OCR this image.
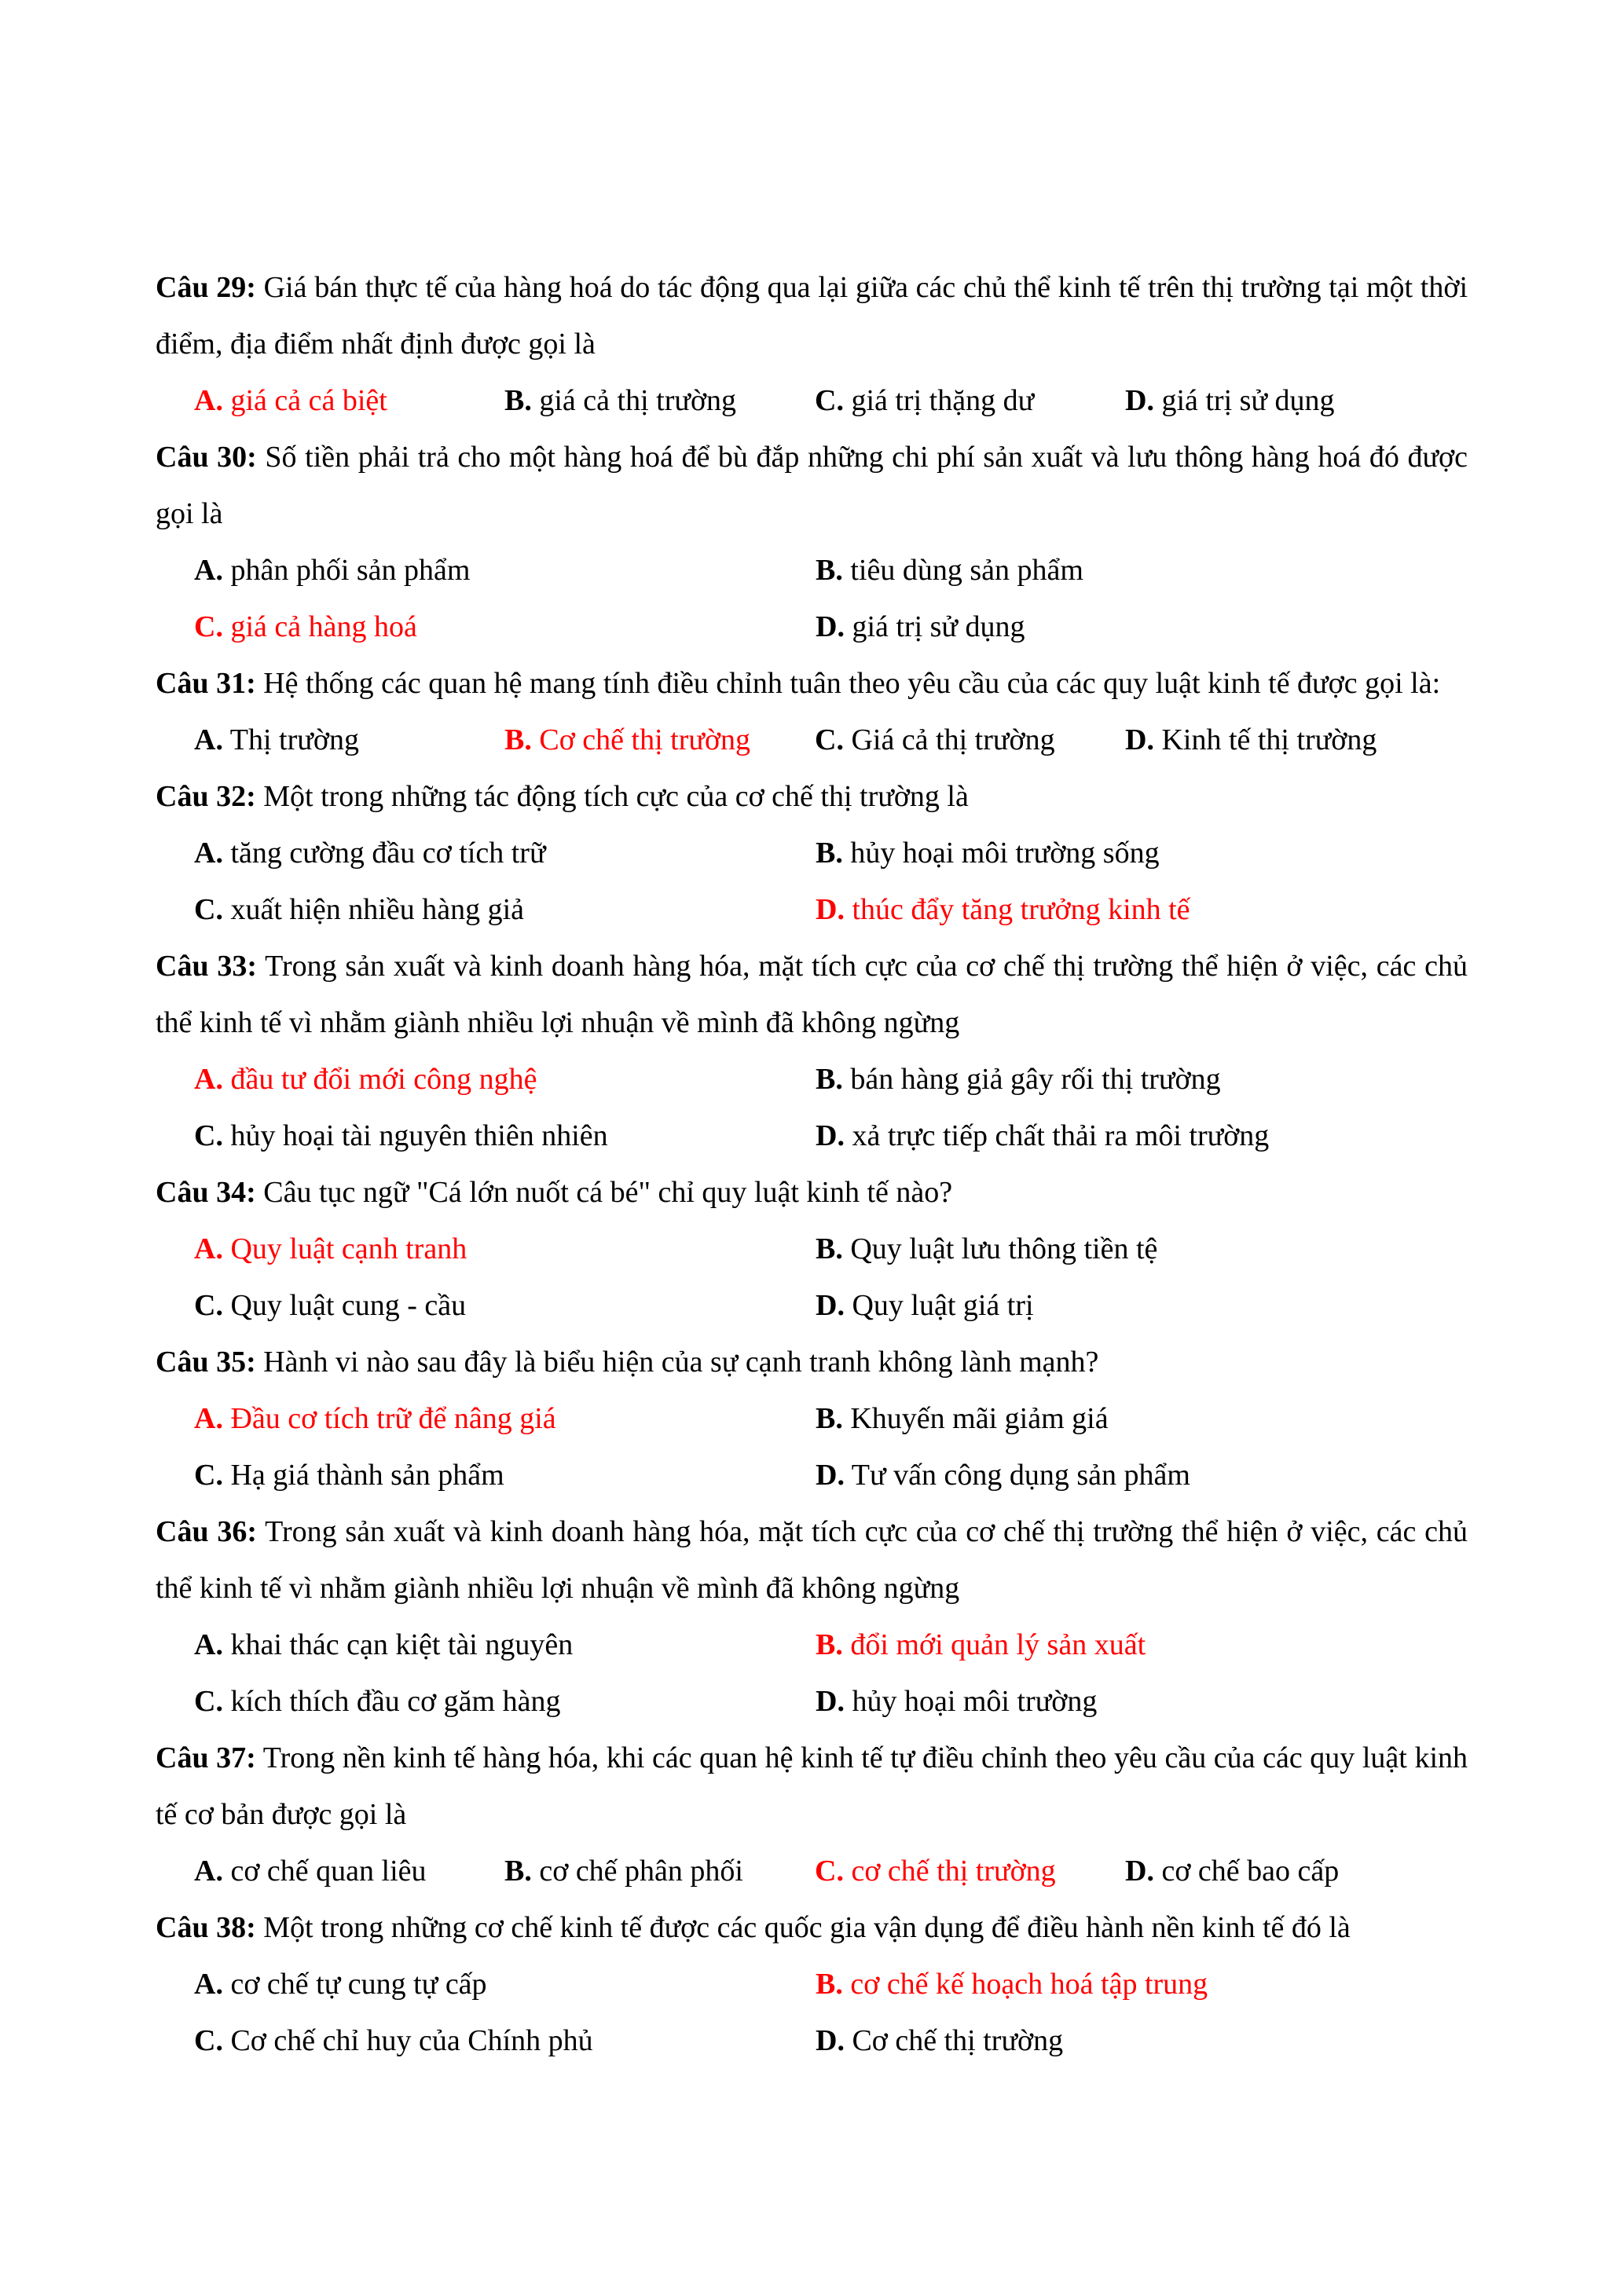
Câu 29: Giá bán thực tế của hàng hoá do tác động qua lại giữa các chủ thể kinh tế trên thị trường tại một thời điểm, địa điểm nhất định được gọi là

A. giá cả cá biệt	B. giá cả thị trường	C. giá trị thặng dư	D. giá trị sử dụng

Câu 30: Số tiền phải trả cho một hàng hoá để bù đắp những chi phí sản xuất và lưu thông hàng hoá đó được gọi là

A. phân phối sản phẩm	B. tiêu dùng sản phẩm
C. giá cả hàng hoá	D. giá trị sử dụng

Câu 31: Hệ thống các quan hệ mang tính điều chỉnh tuân theo yêu cầu của các quy luật kinh tế được gọi là:

A. Thị trường	B. Cơ chế thị trường	C. Giá cả thị trường	D. Kinh tế thị trường

Câu 32: Một trong những tác động tích cực của cơ chế thị trường là

A. tăng cường đầu cơ tích trữ	B. hủy hoại môi trường sống
C. xuất hiện nhiều hàng giả	D. thúc đẩy tăng trưởng kinh tế

Câu 33: Trong sản xuất và kinh doanh hàng hóa, mặt tích cực của cơ chế thị trường thể hiện ở việc, các chủ thể kinh tế vì nhằm giành nhiều lợi nhuận về mình đã không ngừng

A. đầu tư đổi mới công nghệ	B. bán hàng giả gây rối thị trường
C. hủy hoại tài nguyên thiên nhiên	D. xả trực tiếp chất thải ra môi trường

Câu 34: Câu tục ngữ "Cá lớn nuốt cá bé" chỉ quy luật kinh tế nào?

A. Quy luật cạnh tranh	B. Quy luật lưu thông tiền tệ
C. Quy luật cung - cầu	D. Quy luật giá trị

Câu 35: Hành vi nào sau đây là biểu hiện của sự cạnh tranh không lành mạnh?

A. Đầu cơ tích trữ để nâng giá	B. Khuyến mãi giảm giá
C. Hạ giá thành sản phẩm	D. Tư vấn công dụng sản phẩm

Câu 36: Trong sản xuất và kinh doanh hàng hóa, mặt tích cực của cơ chế thị trường thể hiện ở việc, các chủ thể kinh tế vì nhằm giành nhiều lợi nhuận về mình đã không ngừng

A. khai thác cạn kiệt tài nguyên	B. đổi mới quản lý sản xuất
C. kích thích đầu cơ găm hàng	D. hủy hoại môi trường

Câu 37: Trong nền kinh tế hàng hóa, khi các quan hệ kinh tế tự điều chỉnh theo yêu cầu của các quy luật kinh tế cơ bản được gọi là

A. cơ chế quan liêu	B. cơ chế phân phối	C. cơ chế thị trường	D. cơ chế bao cấp

Câu 38: Một trong những cơ chế kinh tế được các quốc gia vận dụng để điều hành nền kinh tế đó là

A. cơ chế tự cung tự cấp	B. cơ chế kế hoạch hoá tập trung
C. Cơ chế chỉ huy của Chính phủ	D. Cơ chế thị trường
